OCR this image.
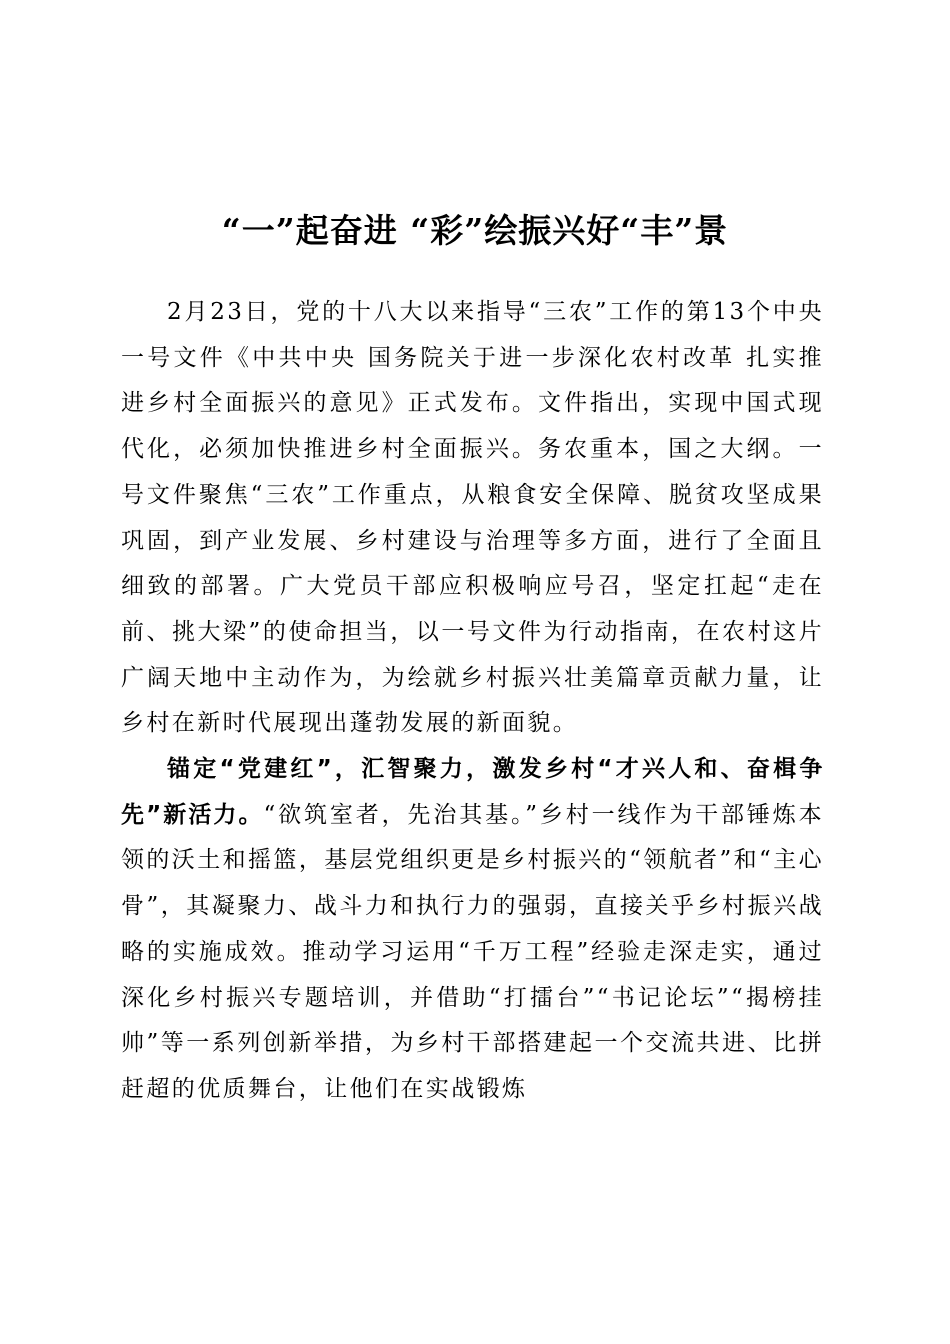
“一”起奋进 “彩”绘振兴好“丰”景

2月23日，党的十八大以来指导“三农”工作的第13个中央一号文件《中共中央 国务院关于进一步深化农村改革 扎实推进乡村全面振兴的意见》正式发布。文件指出，实现中国式现代化，必须加快推进乡村全面振兴。务农重本，国之大纲。一号文件聚焦“三农”工作重点，从粮食安全保障、脱贫攻坚成果巩固，到产业发展、乡村建设与治理等多方面，进行了全面且细致的部署。广大党员干部应积极响应号召，坚定扛起“走在前、挑大梁”的使命担当，以一号文件为行动指南，在农村这片广阔天地中主动作为，为绘就乡村振兴壮美篇章贡献力量，让乡村在新时代展现出蓬勃发展的新面貌。

锚定“党建红”，汇智聚力，激发乡村“才兴人和、奋楫争先”新活力。“欲筑室者，先治其基。”乡村一线作为干部锤炼本领的沃土和摇篮，基层党组织更是乡村振兴的“领航者”和“主心骨”，其凝聚力、战斗力和执行力的强弱，直接关乎乡村振兴战略的实施成效。推动学习运用“千万工程”经验走深走实，通过深化乡村振兴专题培训，并借助“打擂台”“书记论坛”“揭榜挂帅”等一系列创新举措，为乡村干部搭建起一个交流共进、比拼赶超的优质舞台，让他们在实战锻炼
